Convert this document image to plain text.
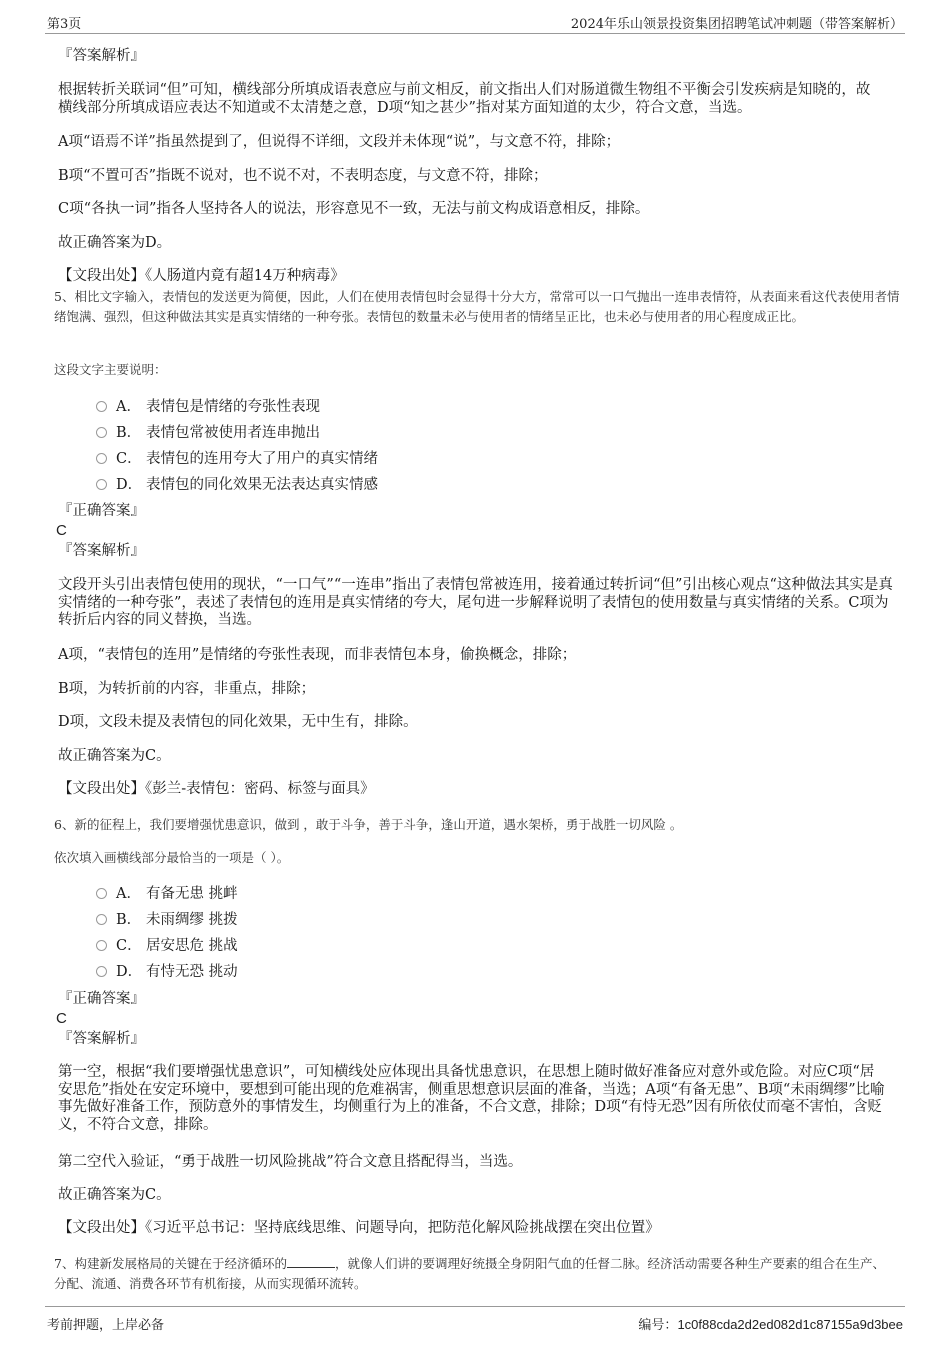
第3页	2024年乐山领景投资集团招聘笔试冲刺题（带答案解析）
『答案解析』
根据转折关联词“但”可知，横线部分所填成语表意应与前文相反，前文指出人们对肠道微生物组不平衡会引发疾病是知晓的，故横线部分所填成语应表达不知道或不太清楚之意，D项“知之甚少”指对某方面知道的太少，符合文意，当选。
A项“语焉不详”指虽然提到了，但说得不详细，文段并未体现“说”，与文意不符，排除；
B项“不置可否”指既不说对，也不说不对，不表明态度，与文意不符，排除；
C项“各执一词”指各人坚持各人的说法，形容意见不一致，无法与前文构成语意相反，排除。
故正确答案为D。
【文段出处】《人肠道内竟有超14万种病毒》
5、相比文字输入，表情包的发送更为简便，因此，人们在使用表情包时会显得十分大方，常常可以一口气抛出一连串表情符，从表面来看这代表使用者情绪饱满、强烈，但这种做法其实是真实情绪的一种夸张。表情包的数量未必与使用者的情绪呈正比，也未必与使用者的用心程度成正比。
这段文字主要说明：
A． 表情包是情绪的夸张性表现
B． 表情包常被使用者连串抛出
C． 表情包的连用夸大了用户的真实情绪
D． 表情包的同化效果无法表达真实情感
『正确答案』
C
『答案解析』
文段开头引出表情包使用的现状，“一口气”“一连串”指出了表情包常被连用，接着通过转折词“但”引出核心观点“这种做法其实是真实情绪的一种夸张”，表述了表情包的连用是真实情绪的夸大，尾句进一步解释说明了表情包的使用数量与真实情绪的关系。C项为转折后内容的同义替换，当选。
A项，“表情包的连用”是情绪的夸张性表现，而非表情包本身，偷换概念，排除；
B项，为转折前的内容，非重点，排除；
D项，文段未提及表情包的同化效果，无中生有，排除。
故正确答案为C。
【文段出处】《彭兰-表情包：密码、标签与面具》
6、新的征程上，我们要增强忧患意识，做到 ，敢于斗争，善于斗争，逢山开道，遇水架桥，勇于战胜一切风险 。
依次填入画横线部分最恰当的一项是（ ）。
A． 有备无患 挑衅
B． 未雨绸缪 挑拨
C． 居安思危 挑战
D． 有恃无恐 挑动
『正确答案』
C
『答案解析』
第一空，根据“我们要增强忧患意识”，可知横线处应体现出具备忧患意识，在思想上随时做好准备应对意外或危险。对应C项“居安思危”指处在安定环境中，要想到可能出现的危难祸害，侧重思想意识层面的准备，当选；A项“有备无患”、B项“未雨绸缪”比喻事先做好准备工作，预防意外的事情发生，均侧重行为上的准备，不合文意，排除；D项“有恃无恐”因有所依仗而毫不害怕，含贬义，不符合文意，排除。
第二空代入验证，“勇于战胜一切风险挑战”符合文意且搭配得当，当选。
故正确答案为C。
【文段出处】《习近平总书记：坚持底线思维、问题导向，把防范化解风险挑战摆在突出位置》
7、构建新发展格局的关键在于经济循环的	，就像人们讲的要调理好统摄全身阴阳气血的任督二脉。经济活动需要各种生产要素的组合在生产、分配、流通、消费各环节有机衔接，从而实现循环流转。
考前押题，上岸必备	编号：1c0f88cda2d2ed082d1c87155a9d3bee
